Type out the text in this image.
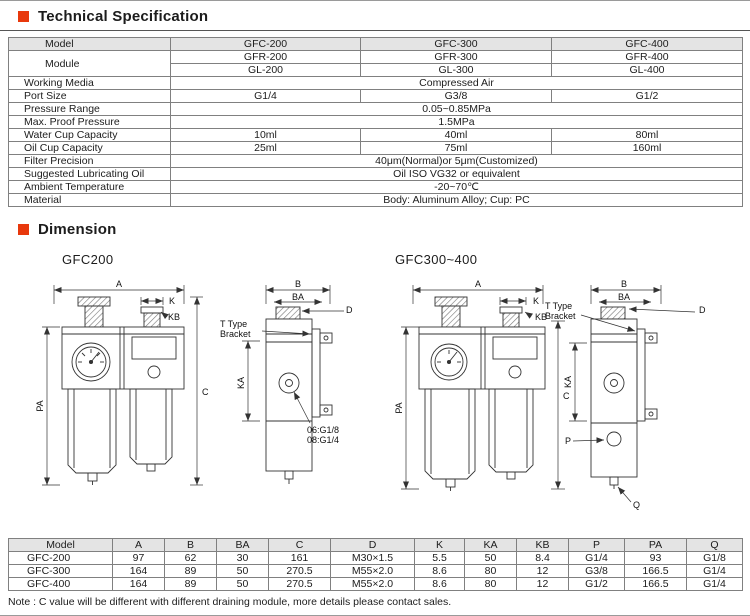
Technical Specification
Model	GFC-200	GFC-300	GFC-400
Module	GFR-200	GFR-300	GFR-400
	GL-200	GL-300	GL-400
Working Media	Compressed Air		
Port Size	G1/4	G3/8	G1/2
Pressure Range	0.05~0.85MPa		
Max. Proof Pressure	1.5MPa		
Water Cup Capacity	10ml	40ml	80ml
Oil Cup Capacity	25ml	75ml	160ml
Filter Precision	40μm(Normal)or 5μm(Customized)		
Suggested Lubricating Oil	Oil ISO VG32 or equivalent		
Ambient Temperature	-20~70℃		
Material	Body: Aluminum Alloy; Cup: PC		
Dimension
GFC200
A
K
KB
PA
C
B
BA
KA
D
T Type
Bracket
06:G1/8
08:G1/4
GFC300~400
A
K
KB
PA
C
B
BA
KA
D
P
Q
T Type
Bracket
Model	A	B	BA	C	D	K	KA	KB	P	PA	Q
GFC-200	97	62	30	161	M30×1.5	5.5	50	8.4	G1/4	93	G1/8
GFC-300	164	89	50	270.5	M55×2.0	8.6	80	12	G3/8	166.5	G1/4
GFC-400	164	89	50	270.5	M55×2.0	8.6	80	12	G1/2	166.5	G1/4
Note : C value will be different with different draining module, more details please contact sales.
